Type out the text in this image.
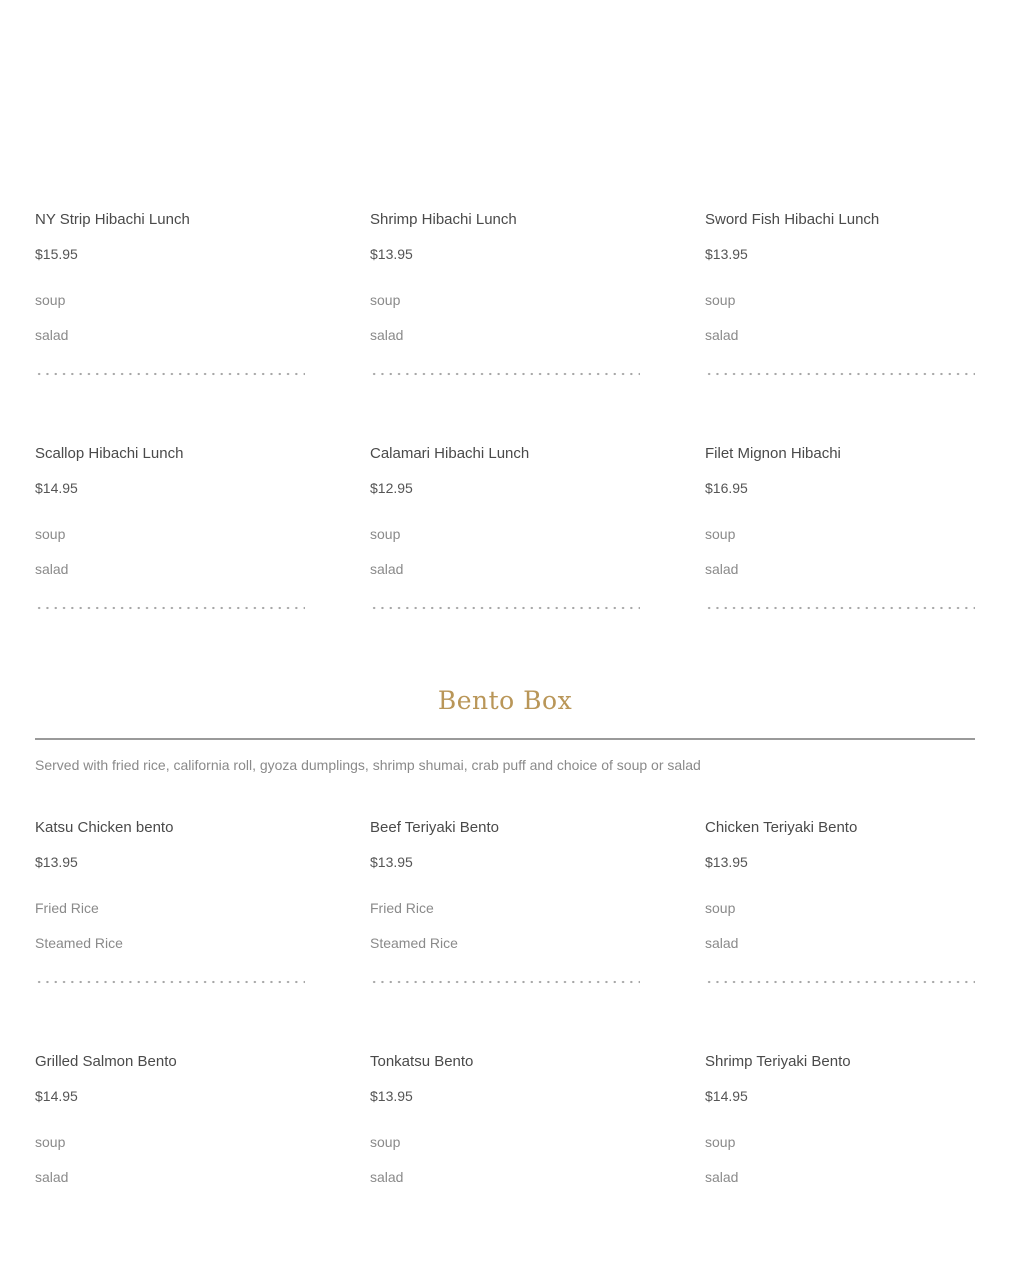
NY Strip Hibachi Lunch
$15.95
soup
salad
Shrimp Hibachi Lunch
$13.95
soup
salad
Sword Fish Hibachi Lunch
$13.95
soup
salad
Scallop Hibachi Lunch
$14.95
soup
salad
Calamari Hibachi Lunch
$12.95
soup
salad
Filet Mignon Hibachi
$16.95
soup
salad
Bento Box
Served with fried rice, california roll, gyoza dumplings, shrimp shumai, crab puff and choice of soup or salad
Katsu Chicken bento
$13.95
Fried Rice
Steamed Rice
Beef Teriyaki Bento
$13.95
Fried Rice
Steamed Rice
Chicken Teriyaki Bento
$13.95
soup
salad
Grilled Salmon Bento
$14.95
soup
salad
Tonkatsu Bento
$13.95
soup
salad
Shrimp Teriyaki Bento
$14.95
soup
salad
